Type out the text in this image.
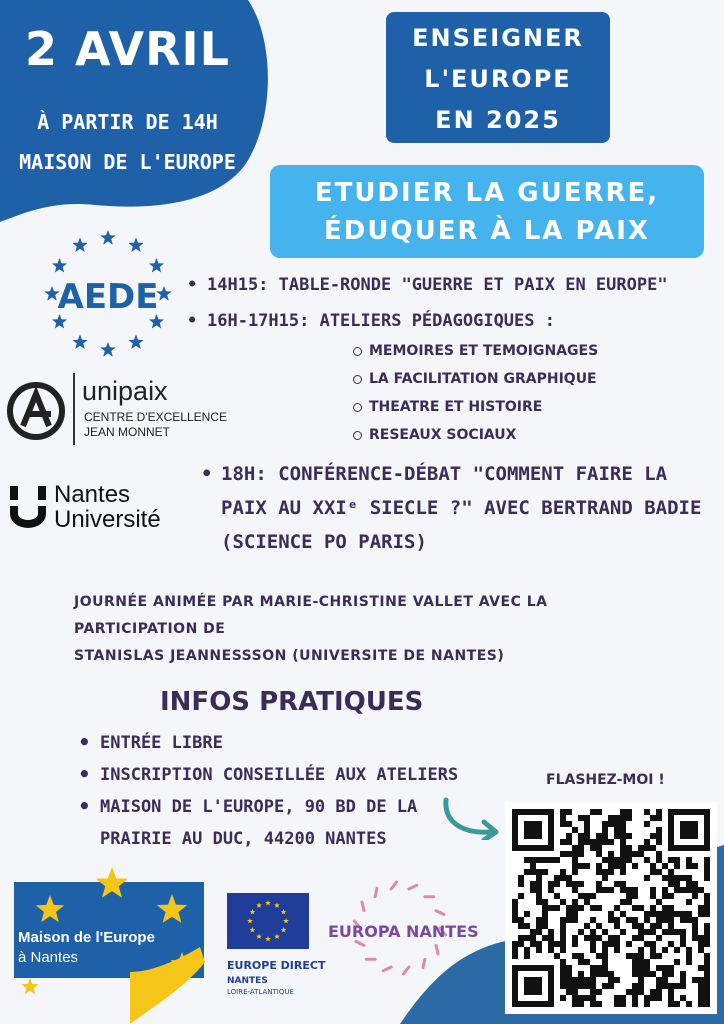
2 AVRIL
À PARTIR DE 14H
MAISON DE L'EUROPE
ENSEIGNER
L'EUROPE
EN 2025
ETUDIER LA GUERRE,
ÉDUQUER À LA PAIX
AEDE
•	14H15: TABLE-RONDE "GUERRE ET PAIX EN EUROPE"
• 16H-17H15: ATELIERS PÉDAGOGIQUES :
MEMOIRES ET TEMOIGNAGES
LA FACILITATION GRAPHIQUE
THEATRE ET HISTOIRE
RESEAUX SOCIAUX
unipaix
CENTRE D'EXCELLENCE
JEAN MONNET
Nantes
Université
• 18H: CONFÉRENCE-DÉBAT "COMMENT FAIRE LA
PAIX AU XXIᵉ SIECLE ?" AVEC BERTRAND BADIE
(SCIENCE PO PARIS)
JOURNÉE ANIMÉE PAR MARIE-CHRISTINE VALLET AVEC LA PARTICIPATION DE
STANISLAS JEANNESSSON (UNIVERSITE DE NANTES)
INFOS PRATIQUES
• ENTRÉE LIBRE
• INSCRIPTION CONSEILLÉE AUX ATELIERS
• MAISON DE L'EUROPE, 90 BD DE LA
PRAIRIE AU DUC, 44200 NANTES
FLASHEZ-MOI !
Maison de l'Europe
à Nantes	EUROPE DIRECT
NANTES
LOIRE-ATLANTIQUE
EUROPA NANTES
